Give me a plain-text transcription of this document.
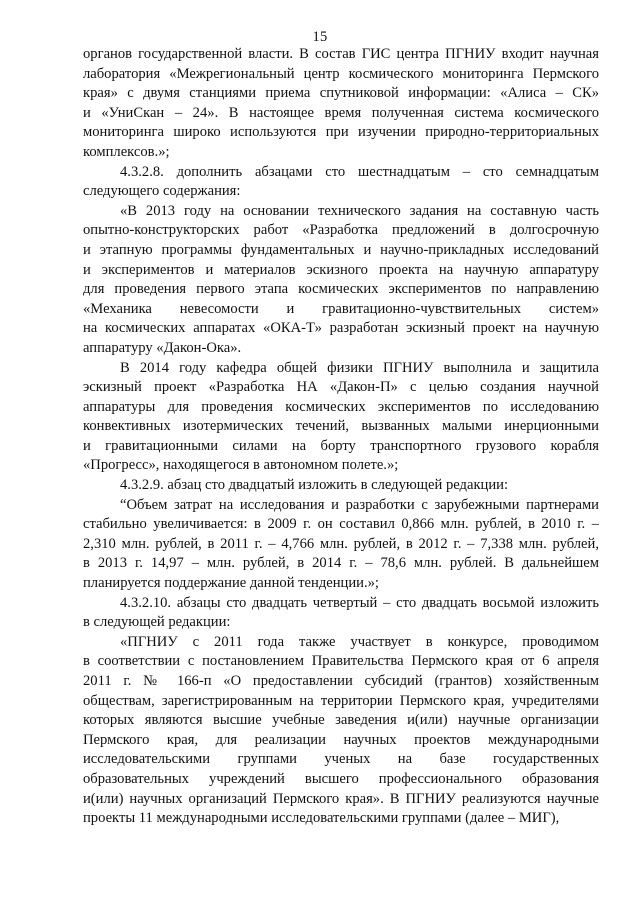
15
органов государственной власти. В состав ГИС центра ПГНИУ входит научная
лаборатория «Межрегиональный центр космического мониторинга Пермского
края» с двумя станциями приема спутниковой информации: «Алиса – СК»
и «УниСкан – 24». В настоящее время полученная система космического
мониторинга широко используются при изучении природно-территориальных
комплексов.»;
4.3.2.8. дополнить абзацами сто шестнадцатым – сто семнадцатым
следующего содержания:
«В 2013 году на основании технического задания на составную часть
опытно-конструкторских работ «Разработка предложений в долгосрочную
и этапную программы фундаментальных и научно-прикладных исследований
и экспериментов и материалов эскизного проекта на научную аппаратуру
для проведения первого этапа космических экспериментов по направлению
«Механика невесомости и гравитационно-чувствительных систем»
на космических аппаратах «ОКА-Т» разработан эскизный проект на научную
аппаратуру «Дакон-Ока».
В 2014 году кафедра общей физики ПГНИУ выполнила и защитила
эскизный проект «Разработка НА «Дакон-П» с целью создания научной
аппаратуры для проведения космических экспериментов по исследованию
конвективных изотермических течений, вызванных малыми инерционными
и гравитационными силами на борту транспортного грузового корабля
«Прогресс», находящегося в автономном полете.»;
4.3.2.9. абзац сто двадцатый изложить в следующей редакции:
“Объем затрат на исследования и разработки с зарубежными партнерами
стабильно увеличивается: в 2009 г. он составил 0,866 млн. рублей, в 2010 г. –
2,310 млн. рублей, в 2011 г. – 4,766 млн. рублей, в 2012 г. – 7,338 млн. рублей,
в 2013 г. 14,97 – млн. рублей, в 2014 г. – 78,6 млн. рублей. В дальнейшем
планируется поддержание данной тенденции.»;
4.3.2.10. абзацы сто двадцать четвертый – сто двадцать восьмой изложить
в следующей редакции:
«ПГНИУ с 2011 года также участвует в конкурсе, проводимом
в соответствии с постановлением Правительства Пермского края от 6 апреля
2011 г. № 166-п «О предоставлении субсидий (грантов) хозяйственным
обществам, зарегистрированным на территории Пермского края, учредителями
которых являются высшие учебные заведения и(или) научные организации
Пермского края, для реализации научных проектов международными
исследовательскими группами ученых на базе государственных
образовательных учреждений высшего профессионального образования
и(или) научных организаций Пермского края». В ПГНИУ реализуются научные
проекты 11 международными исследовательскими группами (далее – МИГ),
